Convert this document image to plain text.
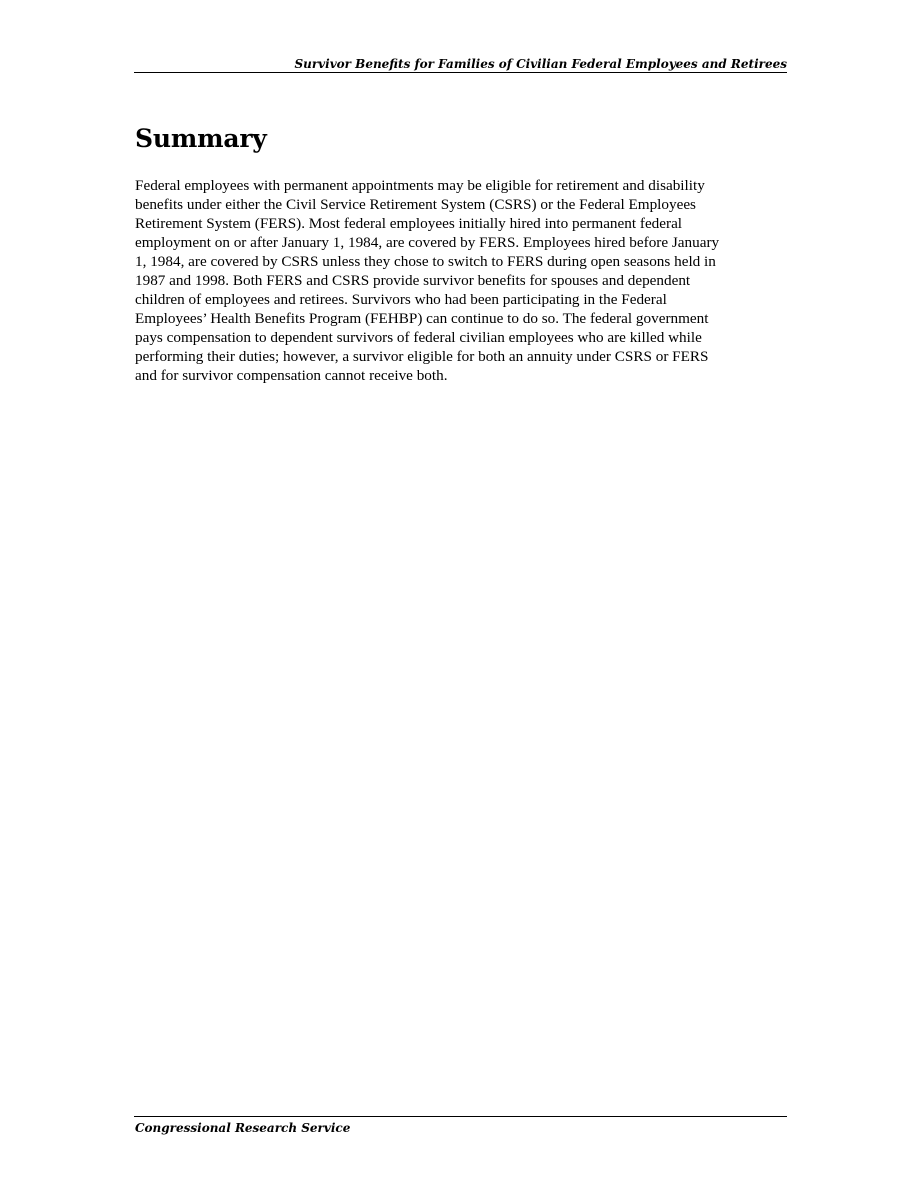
Survivor Benefits for Families of Civilian Federal Employees and Retirees
Summary

Federal employees with permanent appointments may be eligible for retirement and disability
benefits under either the Civil Service Retirement System (CSRS) or the Federal Employees
Retirement System (FERS). Most federal employees initially hired into permanent federal
employment on or after January 1, 1984, are covered by FERS. Employees hired before January
1, 1984, are covered by CSRS unless they chose to switch to FERS during open seasons held in
1987 and 1998. Both FERS and CSRS provide survivor benefits for spouses and dependent
children of employees and retirees. Survivors who had been participating in the Federal
Employees’ Health Benefits Program (FEHBP) can continue to do so. The federal government
pays compensation to dependent survivors of federal civilian employees who are killed while
performing their duties; however, a survivor eligible for both an annuity under CSRS or FERS
and for survivor compensation cannot receive both.

Congressional Research Service
